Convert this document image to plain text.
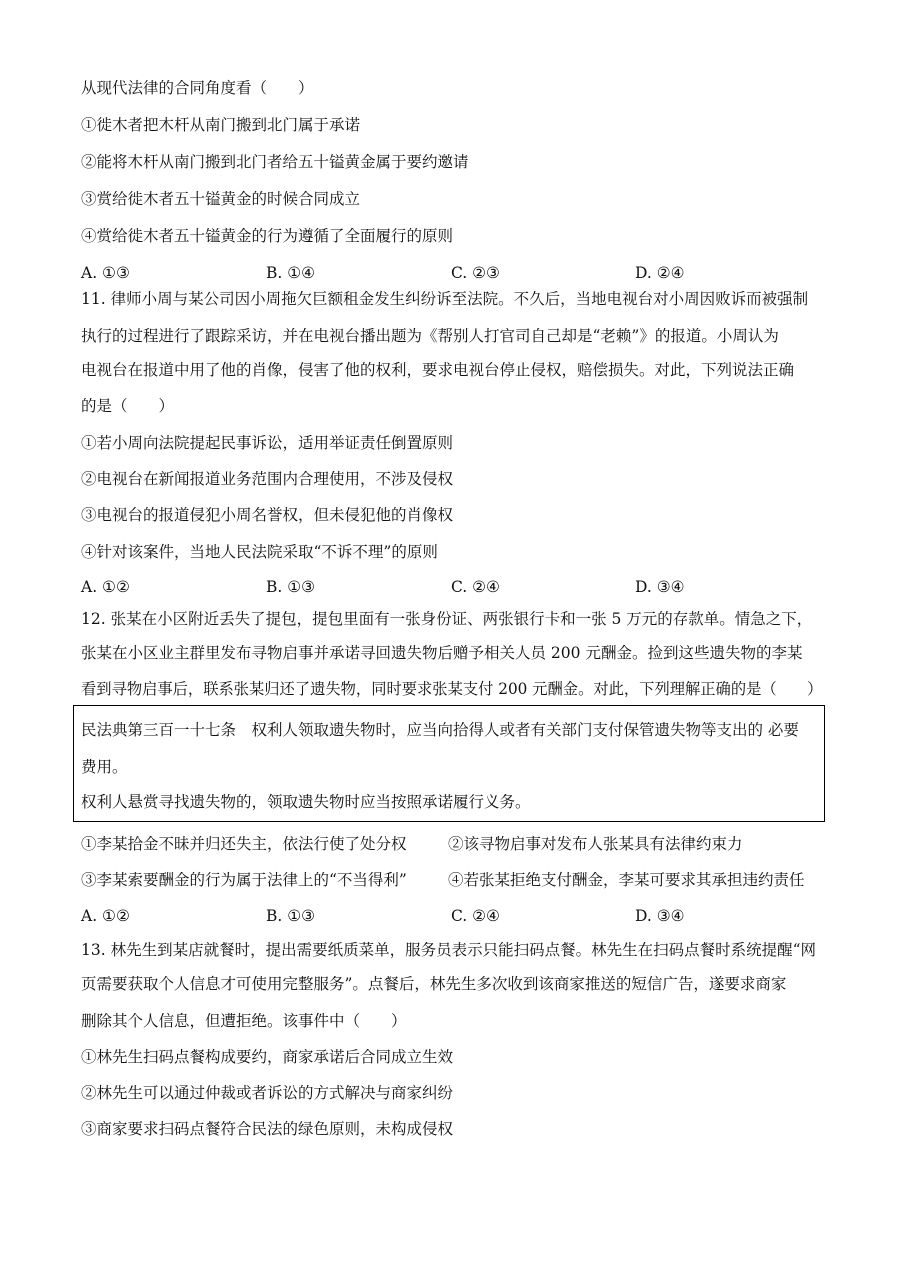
从现代法律的合同角度看（　　）
①徙木者把木杆从南门搬到北门属于承诺
②能将木杆从南门搬到北门者给五十镒黄金属于要约邀请
③赏给徙木者五十镒黄金的时候合同成立
④赏给徙木者五十镒黄金的行为遵循了全面履行的原则
A. ①③	B. ①④	C. ②③	D. ②④
11. 律师小周与某公司因小周拖欠巨额租金发生纠纷诉至法院。不久后，当地电视台对小周因败诉而被强制
执行的过程进行了跟踪采访，并在电视台播出题为《帮别人打官司自己却是“老赖”》的报道。小周认为
电视台在报道中用了他的肖像，侵害了他的权利，要求电视台停止侵权，赔偿损失。对此，下列说法正确
的是（　　）
①若小周向法院提起民事诉讼，适用举证责任倒置原则
②电视台在新闻报道业务范围内合理使用，不涉及侵权
③电视台的报道侵犯小周名誉权，但未侵犯他的肖像权
④针对该案件，当地人民法院采取“不诉不理”的原则
A. ①②	B. ①③	C. ②④	D. ③④
12. 张某在小区附近丢失了提包，提包里面有一张身份证、两张银行卡和一张 5 万元的存款单。情急之下，
张某在小区业主群里发布寻物启事并承诺寻回遗失物后赠予相关人员 200 元酬金。捡到这些遗失物的李某
看到寻物启事后，联系张某归还了遗失物，同时要求张某支付 200 元酬金。对此，下列理解正确的是（　　）
民法典第三百一十七条　权利人领取遗失物时，应当向拾得人或者有关部门支付保管遗失物等支出的 必要
费用。
权利人悬赏寻找遗失物的，领取遗失物时应当按照承诺履行义务。
①李某拾金不昧并归还失主，依法行使了处分权	②该寻物启事对发布人张某具有法律约束力
③李某索要酬金的行为属于法律上的“不当得利”	④若张某拒绝支付酬金，李某可要求其承担违约责任
A. ①②	B. ①③	C. ②④	D. ③④
13. 林先生到某店就餐时，提出需要纸质菜单，服务员表示只能扫码点餐。林先生在扫码点餐时系统提醒“网
页需要获取个人信息才可使用完整服务”。点餐后，林先生多次收到该商家推送的短信广告，遂要求商家
删除其个人信息，但遭拒绝。该事件中（　　）
①林先生扫码点餐构成要约，商家承诺后合同成立生效
②林先生可以通过仲裁或者诉讼的方式解决与商家纠纷
③商家要求扫码点餐符合民法的绿色原则，未构成侵权
